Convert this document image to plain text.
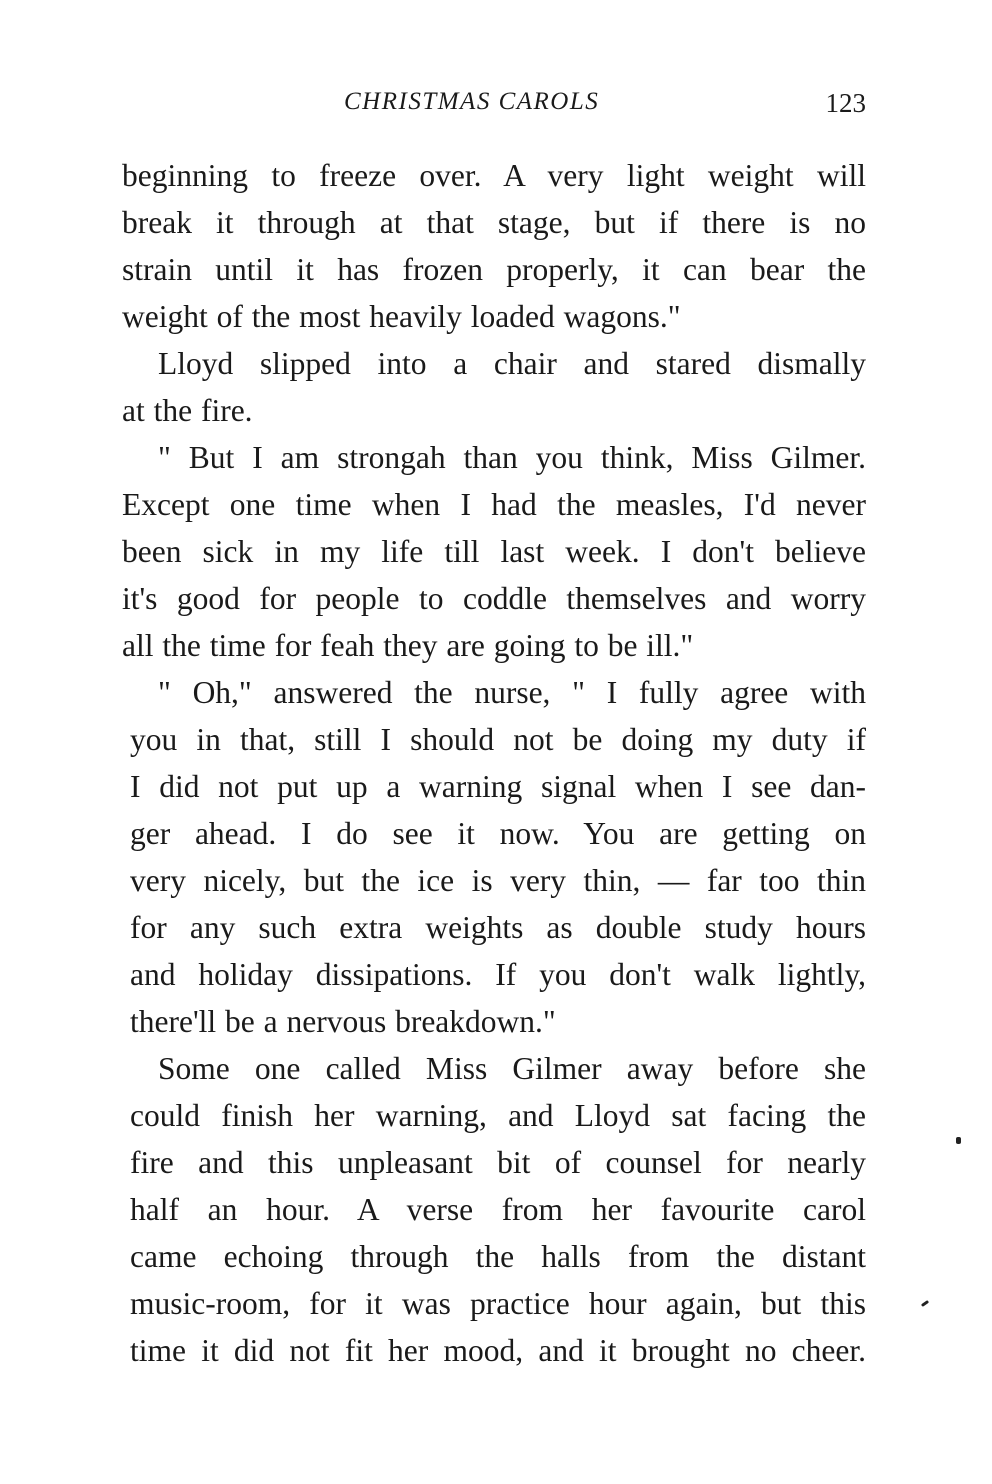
CHRISTMAS CAROLS	123
beginning to freeze over. A very light weight will
break it through at that stage, but if there is no
strain until it has frozen properly, it can bear the
weight of the most heavily loaded wagons."
Lloyd slipped into a chair and stared dismally
at the fire.
" But I am strongah than you think, Miss Gilmer.
Except one time when I had the measles, I'd never
been sick in my life till last week. I don't believe
it's good for people to coddle themselves and worry
all the time for feah they are going to be ill."
" Oh," answered the nurse, " I fully agree with
you in that, still I should not be doing my duty if
I did not put up a warning signal when I see dan-
ger ahead. I do see it now. You are getting on
very nicely, but the ice is very thin, — far too thin
for any such extra weights as double study hours
and holiday dissipations. If you don't walk lightly,
there'll be a nervous breakdown."
Some one called Miss Gilmer away before she
could finish her warning, and Lloyd sat facing the
fire and this unpleasant bit of counsel for nearly
half an hour. A verse from her favourite carol
came echoing through the halls from the distant
music-room, for it was practice hour again, but this
time it did not fit her mood, and it brought no cheer.
